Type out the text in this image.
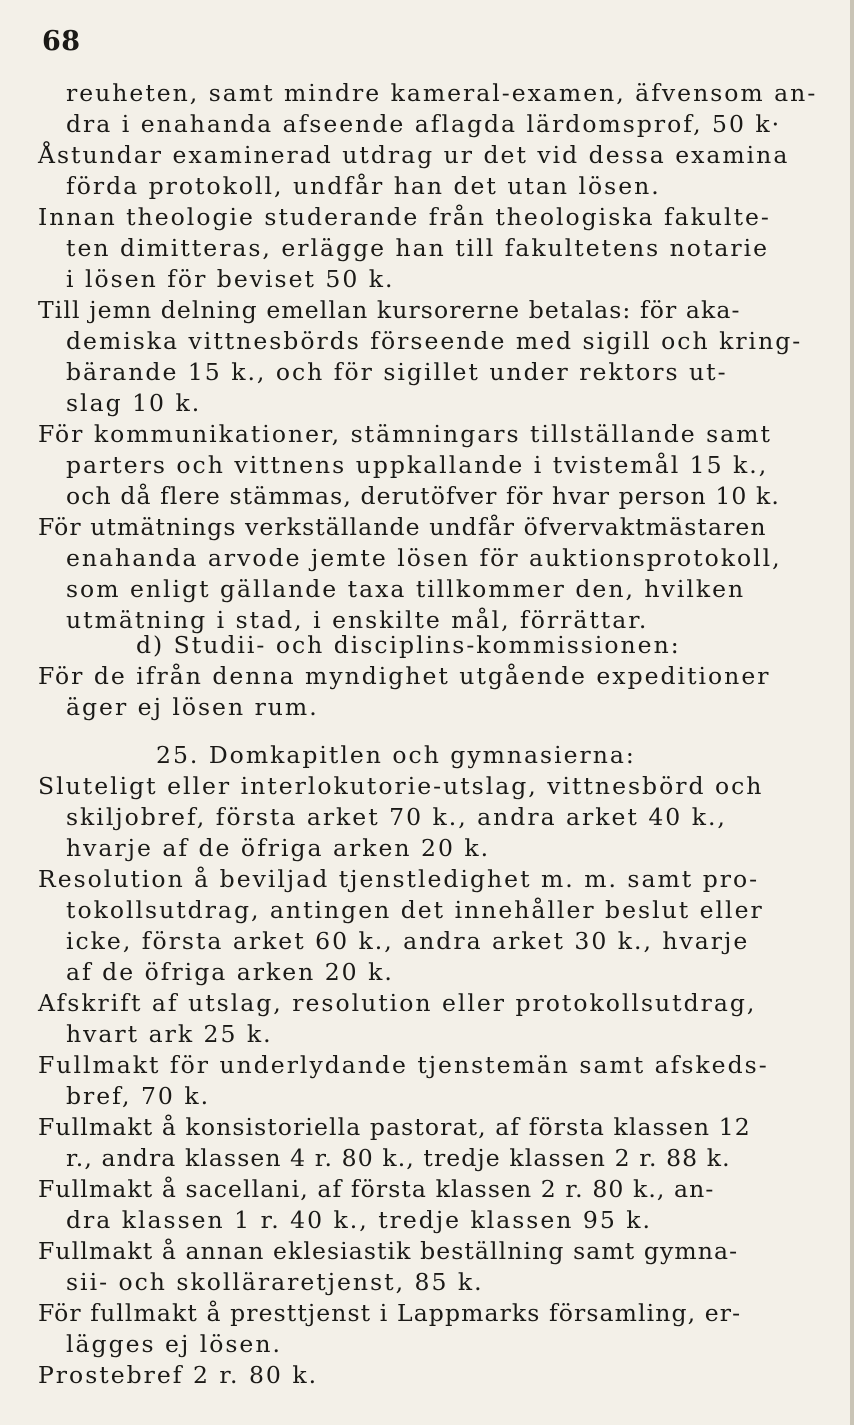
68
reuheten, samt mindre kameral-examen, äfvensom an-
dra i enahanda afseende aflagda lärdomsprof, 50 k·
Åstundar examinerad utdrag ur det vid dessa examina
förda protokoll, undfår han det utan lösen.
Innan theologie studerande från theologiska fakulte-
ten dimitteras, erlägge han till fakultetens notarie
i lösen för beviset 50 k.
Till jemn delning emellan kursorerne betalas: för aka-
demiska vittnesbörds förseende med sigill och kring-
bärande 15 k., och för sigillet under rektors ut-
slag 10 k.
För kommunikationer, stämningars tillställande samt
parters och vittnens uppkallande i tvistemål 15 k.,
och då flere stämmas, derutöfver för hvar person 10 k.
För utmätnings verkställande undfår öfvervaktmästaren
enahanda arvode jemte lösen för auktionsprotokoll,
som enligt gällande taxa tillkommer den, hvilken
utmätning i stad, i enskilte mål, förrättar.
d) Studii- och disciplins-kommissionen:
För de ifrån denna myndighet utgående expeditioner
äger ej lösen rum.
25. Domkapitlen och gymnasierna:
Sluteligt eller interlokutorie-utslag, vittnesbörd och
skiljobref, första arket 70 k., andra arket 40 k.,
hvarje af de öfriga arken 20 k.
Resolution å beviljad tjenstledighet m. m. samt pro-
tokollsutdrag, antingen det innehåller beslut eller
icke, första arket 60 k., andra arket 30 k., hvarje
af de öfriga arken 20 k.
Afskrift af utslag, resolution eller protokollsutdrag,
hvart ark 25 k.
Fullmakt för underlydande tjenstemän samt afskeds-
bref, 70 k.
Fullmakt å konsistoriella pastorat, af första klassen 12
r., andra klassen 4 r. 80 k., tredje klassen 2 r. 88 k.
Fullmakt å sacellani, af första klassen 2 r. 80 k., an-
dra klassen 1 r. 40 k., tredje klassen 95 k.
Fullmakt å annan eklesiastik beställning samt gymna-
sii- och skolläraretjenst, 85 k.
För fullmakt å presttjenst i Lappmarks församling, er-
lägges ej lösen.
Prostebref 2 r. 80 k.
